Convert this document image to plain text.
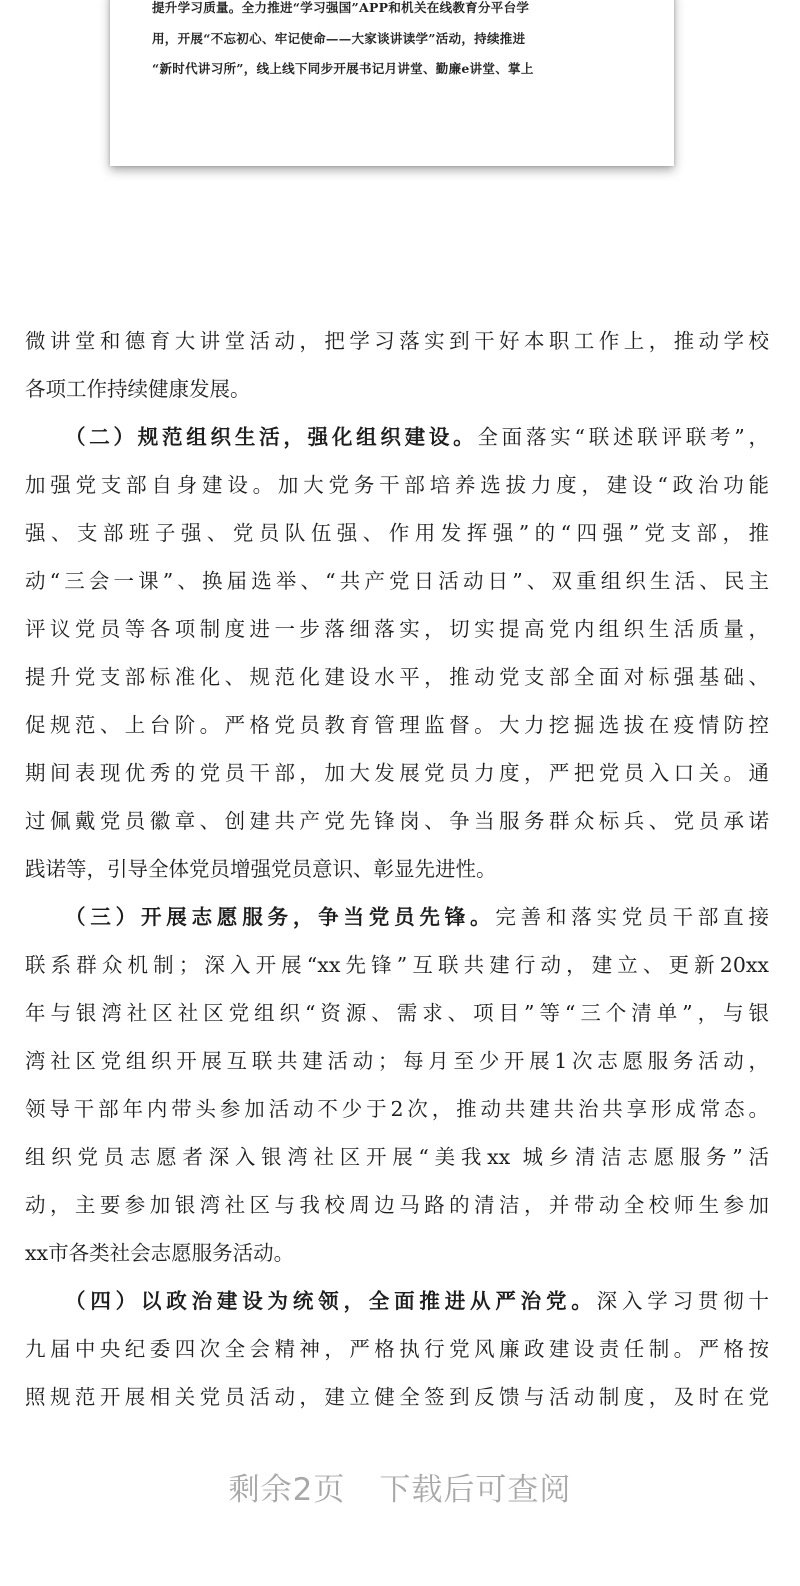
提升学习质量。全力推进“学习强国”APP和机关在线教育分平台学
用，开展“不忘初心、牢记使命——大家谈讲读学”活动，持续推进
“新时代讲习所”，线上线下同步开展书记月讲堂、勤廉e讲堂、掌上
微讲堂和德育大讲堂活动，把学习落实到干好本职工作上，推动学校
各项工作持续健康发展。
（二）规范组织生活，强化组织建设。全面落实“联述联评联考”，
加强党支部自身建设。加大党务干部培养选拔力度，建设“政治功能
强、支部班子强、党员队伍强、作用发挥强”的“四强”党支部，推
动“三会一课”、换届选举、“共产党日活动日”、双重组织生活、民主
评议党员等各项制度进一步落细落实，切实提高党内组织生活质量，
提升党支部标准化、规范化建设水平，推动党支部全面对标强基础、
促规范、上台阶。严格党员教育管理监督。大力挖掘选拔在疫情防控
期间表现优秀的党员干部，加大发展党员力度，严把党员入口关。通
过佩戴党员徽章、创建共产党先锋岗、争当服务群众标兵、党员承诺
践诺等，引导全体党员增强党员意识、彰显先进性。
（三）开展志愿服务，争当党员先锋。完善和落实党员干部直接
联系群众机制；深入开展“xx先锋”互联共建行动，建立、更新20xx
年与银湾社区社区党组织“资源、需求、项目”等“三个清单”，与银
湾社区党组织开展互联共建活动；每月至少开展1次志愿服务活动，
领导干部年内带头参加活动不少于2次，推动共建共治共享形成常态。
组织党员志愿者深入银湾社区开展“美我xx 城乡清洁志愿服务”活
动，主要参加银湾社区与我校周边马路的清洁，并带动全校师生参加
xx市各类社会志愿服务活动。
（四）以政治建设为统领，全面推进从严治党。深入学习贯彻十
九届中央纪委四次全会精神，严格执行党风廉政建设责任制。严格按
照规范开展相关党员活动，建立健全签到反馈与活动制度，及时在党
剩余2页 下载后可查阅
